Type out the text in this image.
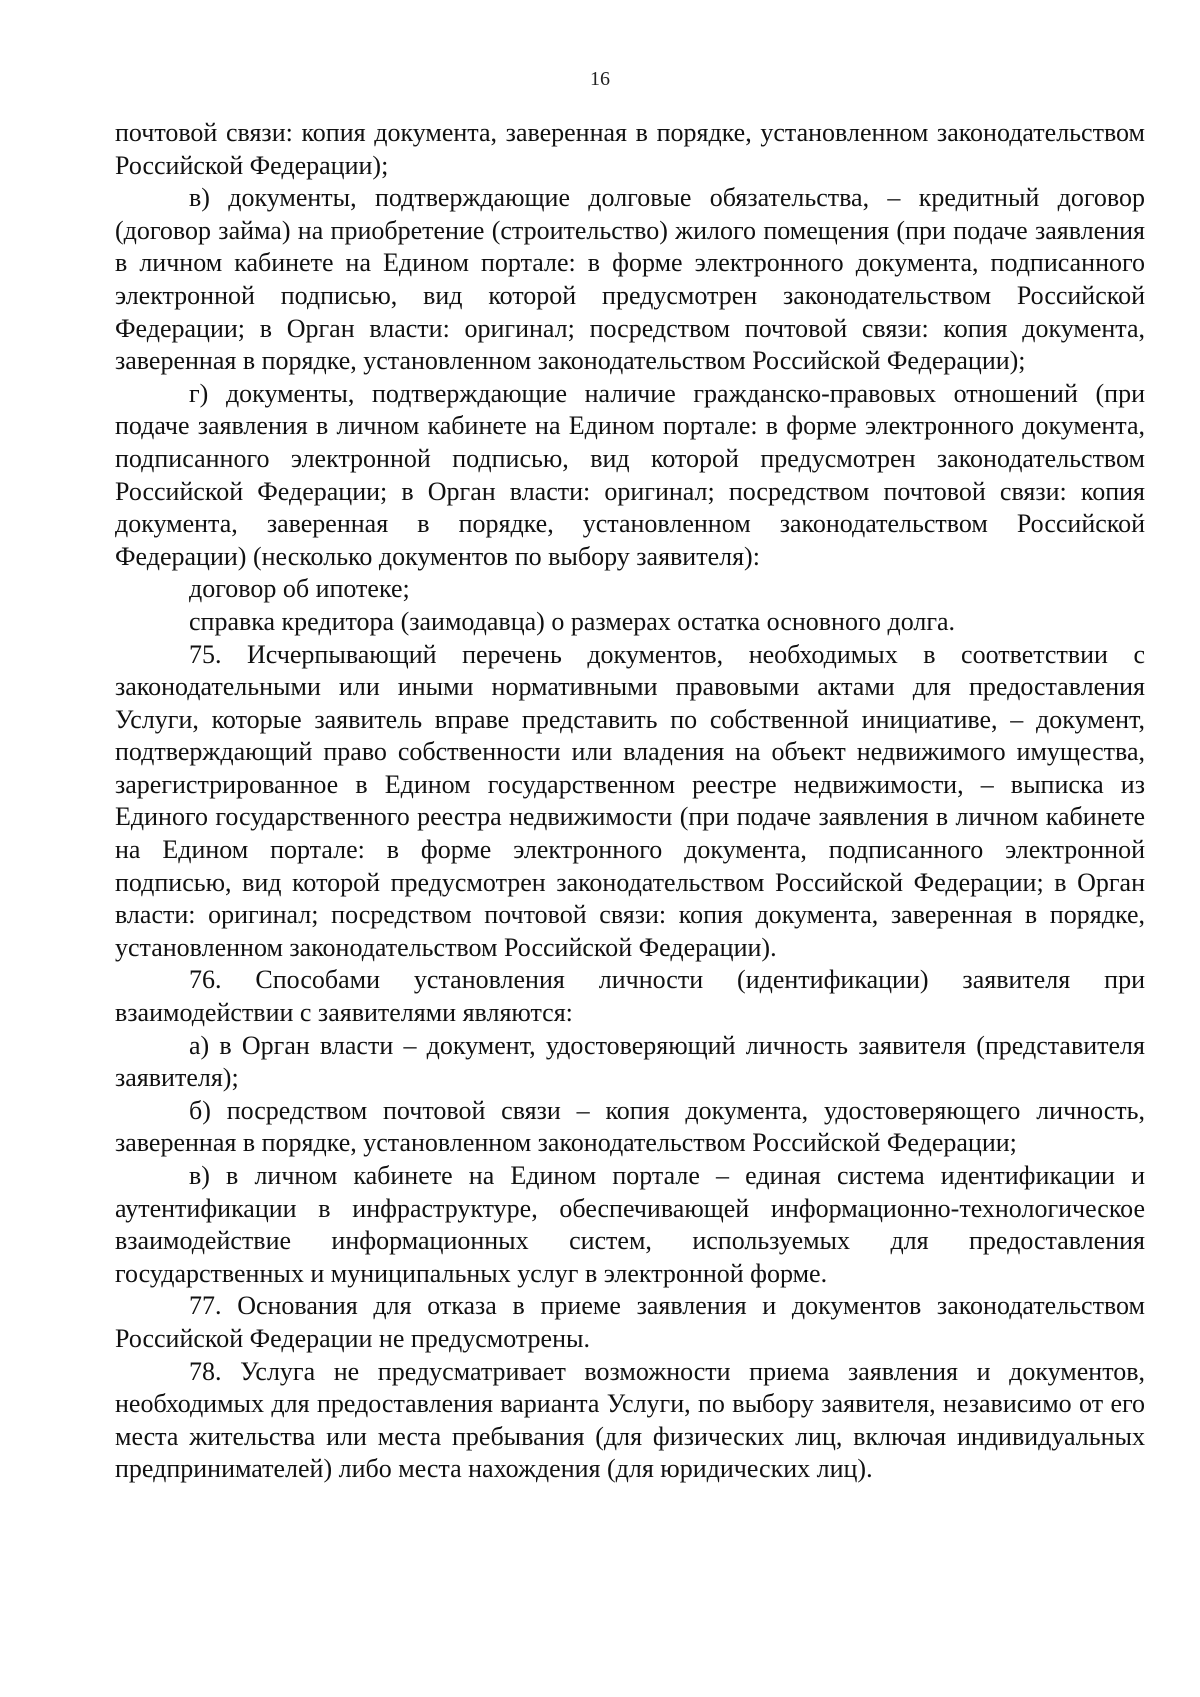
16

почтовой связи: копия документа, заверенная в порядке, установленном законодательством Российской Федерации);

в) документы, подтверждающие долговые обязательства, – кредитный договор (договор займа) на приобретение (строительство) жилого помещения (при подаче заявления в личном кабинете на Едином портале: в форме электронного документа, подписанного электронной подписью, вид которой предусмотрен законодательством Российской Федерации; в Орган власти: оригинал; посредством почтовой связи: копия документа, заверенная в порядке, установленном законодательством Российской Федерации);

г) документы, подтверждающие наличие гражданско-правовых отношений (при подаче заявления в личном кабинете на Едином портале: в форме электронного документа, подписанного электронной подписью, вид которой предусмотрен законодательством Российской Федерации; в Орган власти: оригинал; посредством почтовой связи: копия документа, заверенная в порядке, установленном законодательством Российской Федерации) (несколько документов по выбору заявителя):

договор об ипотеке;

справка кредитора (заимодавца) о размерах остатка основного долга.

75. Исчерпывающий перечень документов, необходимых в соответствии с законодательными или иными нормативными правовыми актами для предоставления Услуги, которые заявитель вправе представить по собственной инициативе, – документ, подтверждающий право собственности или владения на объект недвижимого имущества, зарегистрированное в Едином государственном реестре недвижимости, – выписка из Единого государственного реестра недвижимости (при подаче заявления в личном кабинете на Едином портале: в форме электронного документа, подписанного электронной подписью, вид которой предусмотрен законодательством Российской Федерации; в Орган власти: оригинал; посредством почтовой связи: копия документа, заверенная в порядке, установленном законодательством Российской Федерации).

76. Способами установления личности (идентификации) заявителя при взаимодействии с заявителями являются:

а) в Орган власти – документ, удостоверяющий личность заявителя (представителя заявителя);

б) посредством почтовой связи – копия документа, удостоверяющего личность, заверенная в порядке, установленном законодательством Российской Федерации;

в) в личном кабинете на Едином портале – единая система идентификации и аутентификации в инфраструктуре, обеспечивающей информационно-технологическое взаимодействие информационных систем, используемых для предоставления государственных и муниципальных услуг в электронной форме.

77. Основания для отказа в приеме заявления и документов законодательством Российской Федерации не предусмотрены.

78. Услуга не предусматривает возможности приема заявления и документов, необходимых для предоставления варианта Услуги, по выбору заявителя, независимо от его места жительства или места пребывания (для физических лиц, включая индивидуальных предпринимателей) либо места нахождения (для юридических лиц).
